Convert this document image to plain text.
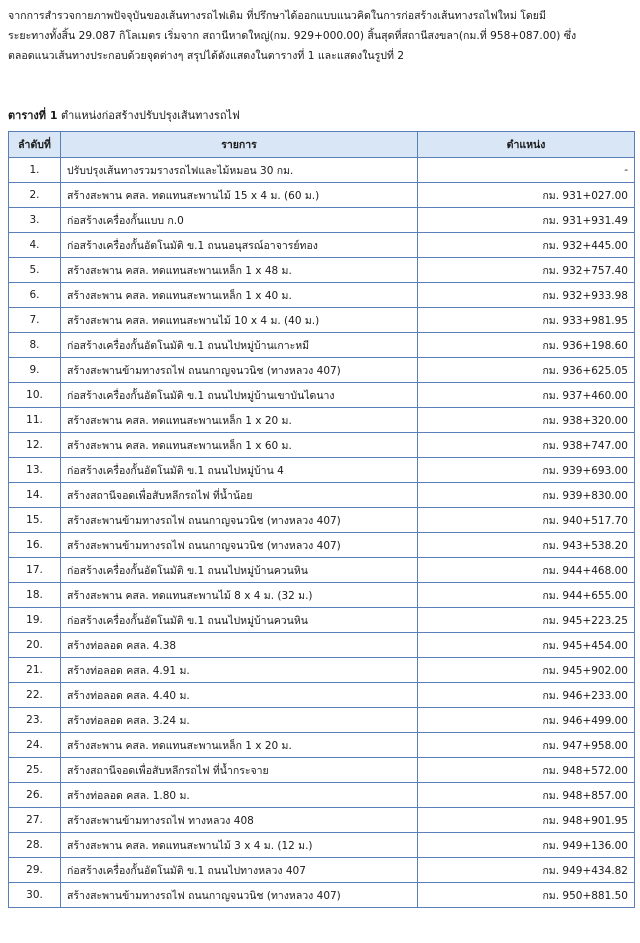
จากการสำรวจกายภาพปัจจุบันของเส้นทางรถไฟเดิม ที่ปรึกษาได้ออกแบบแนวคิดในการก่อสร้างเส้นทางรถไฟใหม่ โดยมี
ระยะทางทั้งสิ้น 29.087 กิโลเมตร เริ่มจาก สถานีหาดใหญ่(กม. 929+000.00) สิ้นสุดที่สถานีสงขลา(กม.ที่ 958+087.00) ซึ่ง
ตลอดแนวเส้นทางประกอบด้วยจุดต่างๆ สรุปได้ดังแสดงในตารางที่ 1 และแสดงในรูปที่ 2
ตารางที่ 1 ตำแหน่งก่อสร้างปรับปรุงเส้นทางรถไฟ
ลำดับที่	รายการ	ตำแหน่ง
1.	ปรับปรุงเส้นทางรวมรางรถไฟและไม้หมอน 30 กม.	-
2.	สร้างสะพาน คสล. ทดแทนสะพานไม้ 15 x 4 ม. (60 ม.)	กม. 931+027.00
3.	ก่อสร้างเครื่องกั้นแบบ ก.0	กม. 931+931.49
4.	ก่อสร้างเครื่องกั้นอัตโนมัติ ข.1 ถนนอนุสรณ์อาจารย์ทอง	กม. 932+445.00
5.	สร้างสะพาน คสล. ทดแทนสะพานเหล็ก 1 x 48 ม.	กม. 932+757.40
6.	สร้างสะพาน คสล. ทดแทนสะพานเหล็ก 1 x 40 ม.	กม. 932+933.98
7.	สร้างสะพาน คสล. ทดแทนสะพานไม้ 10 x 4 ม. (40 ม.)	กม. 933+981.95
8.	ก่อสร้างเครื่องกั้นอัตโนมัติ ข.1 ถนนไปหมู่บ้านเกาะหมี	กม. 936+198.60
9.	สร้างสะพานข้ามทางรถไฟ ถนนกาญจนวนิช (ทางหลวง 407)	กม. 936+625.05
10.	ก่อสร้างเครื่องกั้นอัตโนมัติ ข.1 ถนนไปหมู่บ้านเขาบันไดนาง	กม. 937+460.00
11.	สร้างสะพาน คสล. ทดแทนสะพานเหล็ก 1 x 20 ม.	กม. 938+320.00
12.	สร้างสะพาน คสล. ทดแทนสะพานเหล็ก 1 x 60 ม.	กม. 938+747.00
13.	ก่อสร้างเครื่องกั้นอัตโนมัติ ข.1 ถนนไปหมู่บ้าน 4	กม. 939+693.00
14.	สร้างสถานีจอดเพื่อสับหลีกรถไฟ ที่น้ำน้อย	กม. 939+830.00
15.	สร้างสะพานข้ามทางรถไฟ ถนนกาญจนวนิช (ทางหลวง 407)	กม. 940+517.70
16.	สร้างสะพานข้ามทางรถไฟ ถนนกาญจนวนิช (ทางหลวง 407)	กม. 943+538.20
17.	ก่อสร้างเครื่องกั้นอัตโนมัติ ข.1 ถนนไปหมู่บ้านควนหิน	กม. 944+468.00
18.	สร้างสะพาน คสล. ทดแทนสะพานไม้ 8 x 4 ม. (32 ม.)	กม. 944+655.00
19.	ก่อสร้างเครื่องกั้นอัตโนมัติ ข.1 ถนนไปหมู่บ้านควนหิน	กม. 945+223.25
20.	สร้างท่อลอด คสล. 4.38	กม. 945+454.00
21.	สร้างท่อลอด คสล. 4.91 ม.	กม. 945+902.00
22.	สร้างท่อลอด คสล. 4.40 ม.	กม. 946+233.00
23.	สร้างท่อลอด คสล. 3.24 ม.	กม. 946+499.00
24.	สร้างสะพาน คสล. ทดแทนสะพานเหล็ก 1 x 20 ม.	กม. 947+958.00
25.	สร้างสถานีจอดเพื่อสับหลีกรถไฟ ที่น้ำกระจาย	กม. 948+572.00
26.	สร้างท่อลอด คสล. 1.80 ม.	กม. 948+857.00
27.	สร้างสะพานข้ามทางรถไฟ ทางหลวง 408	กม. 948+901.95
28.	สร้างสะพาน คสล. ทดแทนสะพานไม้ 3 x 4 ม. (12 ม.)	กม. 949+136.00
29.	ก่อสร้างเครื่องกั้นอัตโนมัติ ข.1 ถนนไปทางหลวง 407	กม. 949+434.82
30.	สร้างสะพานข้ามทางรถไฟ ถนนกาญจนวนิช (ทางหลวง 407)	กม. 950+881.50
